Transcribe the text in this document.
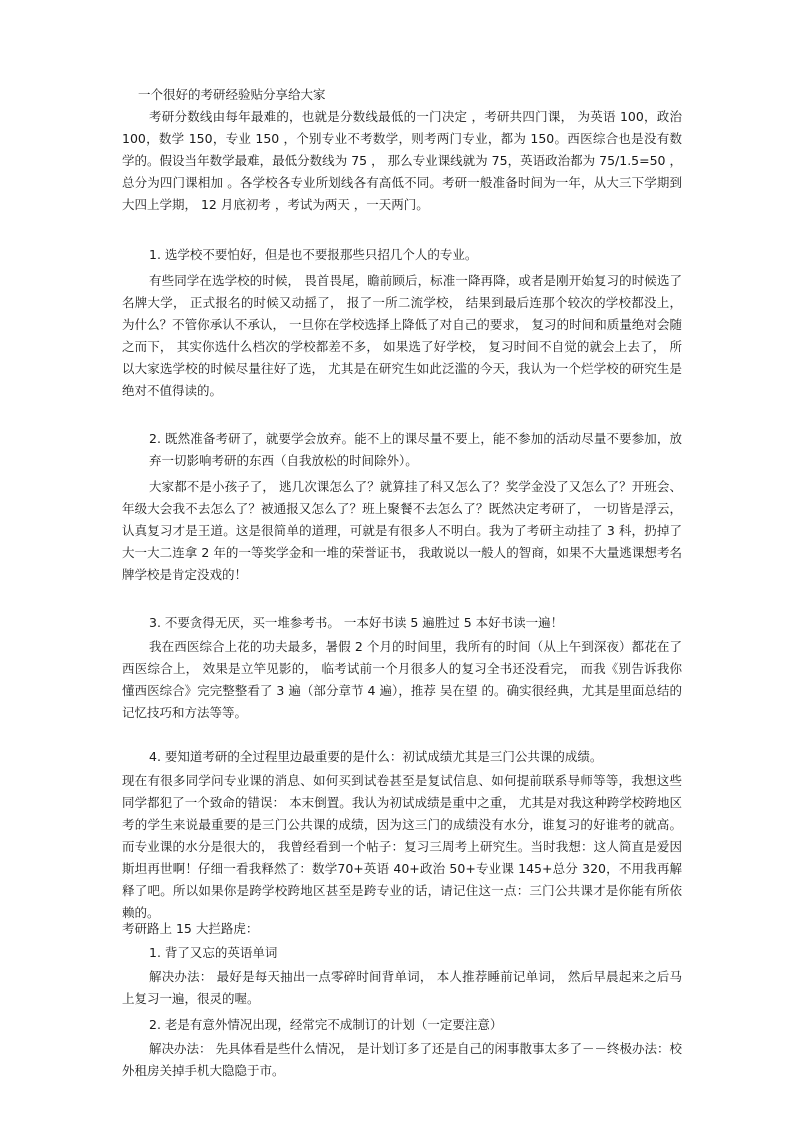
一个很好的考研经验贴分享给大家
考研分数线由每年最难的，也就是分数线最低的一门决定 ，考研共四门课， 为英语 100，政治 100，数学 150，专业 150 ，个别专业不考数学，则考两门专业，都为 150。西医综合也是没有数学的。假设当年数学最难，最低分数线为 75 ， 那么专业课线就为 75，英语政治都为 75/1.5=50 ，总分为四门课相加 。各学校各专业所划线各有高低不同。考研一般准备时间为一年，从大三下学期到大四上学期， 12 月底初考 ，考试为两天 ，一天两门。
1. 选学校不要怕好，但是也不要报那些只招几个人的专业。
有些同学在选学校的时候， 畏首畏尾，瞻前顾后，标准一降再降，或者是刚开始复习的时候选了名牌大学， 正式报名的时候又动摇了， 报了一所二流学校， 结果到最后连那个较次的学校都没上， 为什么？不管你承认不承认， 一旦你在学校选择上降低了对自己的要求， 复习的时间和质量绝对会随之而下， 其实你选什么档次的学校都差不多， 如果选了好学校， 复习时间不自觉的就会上去了， 所以大家选学校的时候尽量往好了选， 尤其是在研究生如此泛滥的今天，我认为一个烂学校的研究生是绝对不值得读的。
2. 既然准备考研了，就要学会放弃。能不上的课尽量不要上，能不参加的活动尽量不要参加，放弃一切影响考研的东西（自我放松的时间除外）。
大家都不是小孩子了， 逃几次课怎么了？就算挂了科又怎么了？奖学金没了又怎么了？开班会、年级大会我不去怎么了？被通报又怎么了？班上聚餐不去怎么了？既然决定考研了， 一切皆是浮云，认真复习才是王道。这是很简单的道理，可就是有很多人不明白。我为了考研主动挂了 3 科，扔掉了大一大二连拿 2 年的一等奖学金和一堆的荣誉证书， 我敢说以一般人的智商，如果不大量逃课想考名牌学校是肯定没戏的！
3. 不要贪得无厌，买一堆参考书。 一本好书读 5 遍胜过 5 本好书读一遍！
我在西医综合上花的功夫最多，暑假 2 个月的时间里，我所有的时间（从上午到深夜）都花在了西医综合上， 效果是立竿见影的， 临考试前一个月很多人的复习全书还没看完， 而我《别告诉我你懂西医综合》完完整整看了 3 遍（部分章节 4 遍），推荐 吴在望 的。确实很经典，尤其是里面总结的记忆技巧和方法等等。
4. 要知道考研的全过程里边最重要的是什么：初试成绩尤其是三门公共课的成绩。
现在有很多同学问专业课的消息、如何买到试卷甚至是复试信息、如何提前联系导师等等，我想这些同学都犯了一个致命的错误： 本末倒置。我认为初试成绩是重中之重， 尤其是对我这种跨学校跨地区考的学生来说最重要的是三门公共课的成绩，因为这三门的成绩没有水分，谁复习的好谁考的就高。而专业课的水分是很大的， 我曾经看到一个帖子：复习三周考上研究生。当时我想：这人简直是爱因斯坦再世啊！仔细一看我释然了：数学70+英语 40+政治 50+专业课 145+总分 320，不用我再解释了吧。所以如果你是跨学校跨地区甚至是跨专业的话，请记住这一点：三门公共课才是你能有所依赖的。
考研路上 15 大拦路虎：
1. 背了又忘的英语单词
解决办法： 最好是每天抽出一点零碎时间背单词， 本人推荐睡前记单词， 然后早晨起来之后马上复习一遍，很灵的喔。
2. 老是有意外情况出现，经常完不成制订的计划（一定要注意）
解决办法： 先具体看是些什么情况， 是计划订多了还是自己的闲事散事太多了－－终极办法：校外租房关掉手机大隐隐于市。
